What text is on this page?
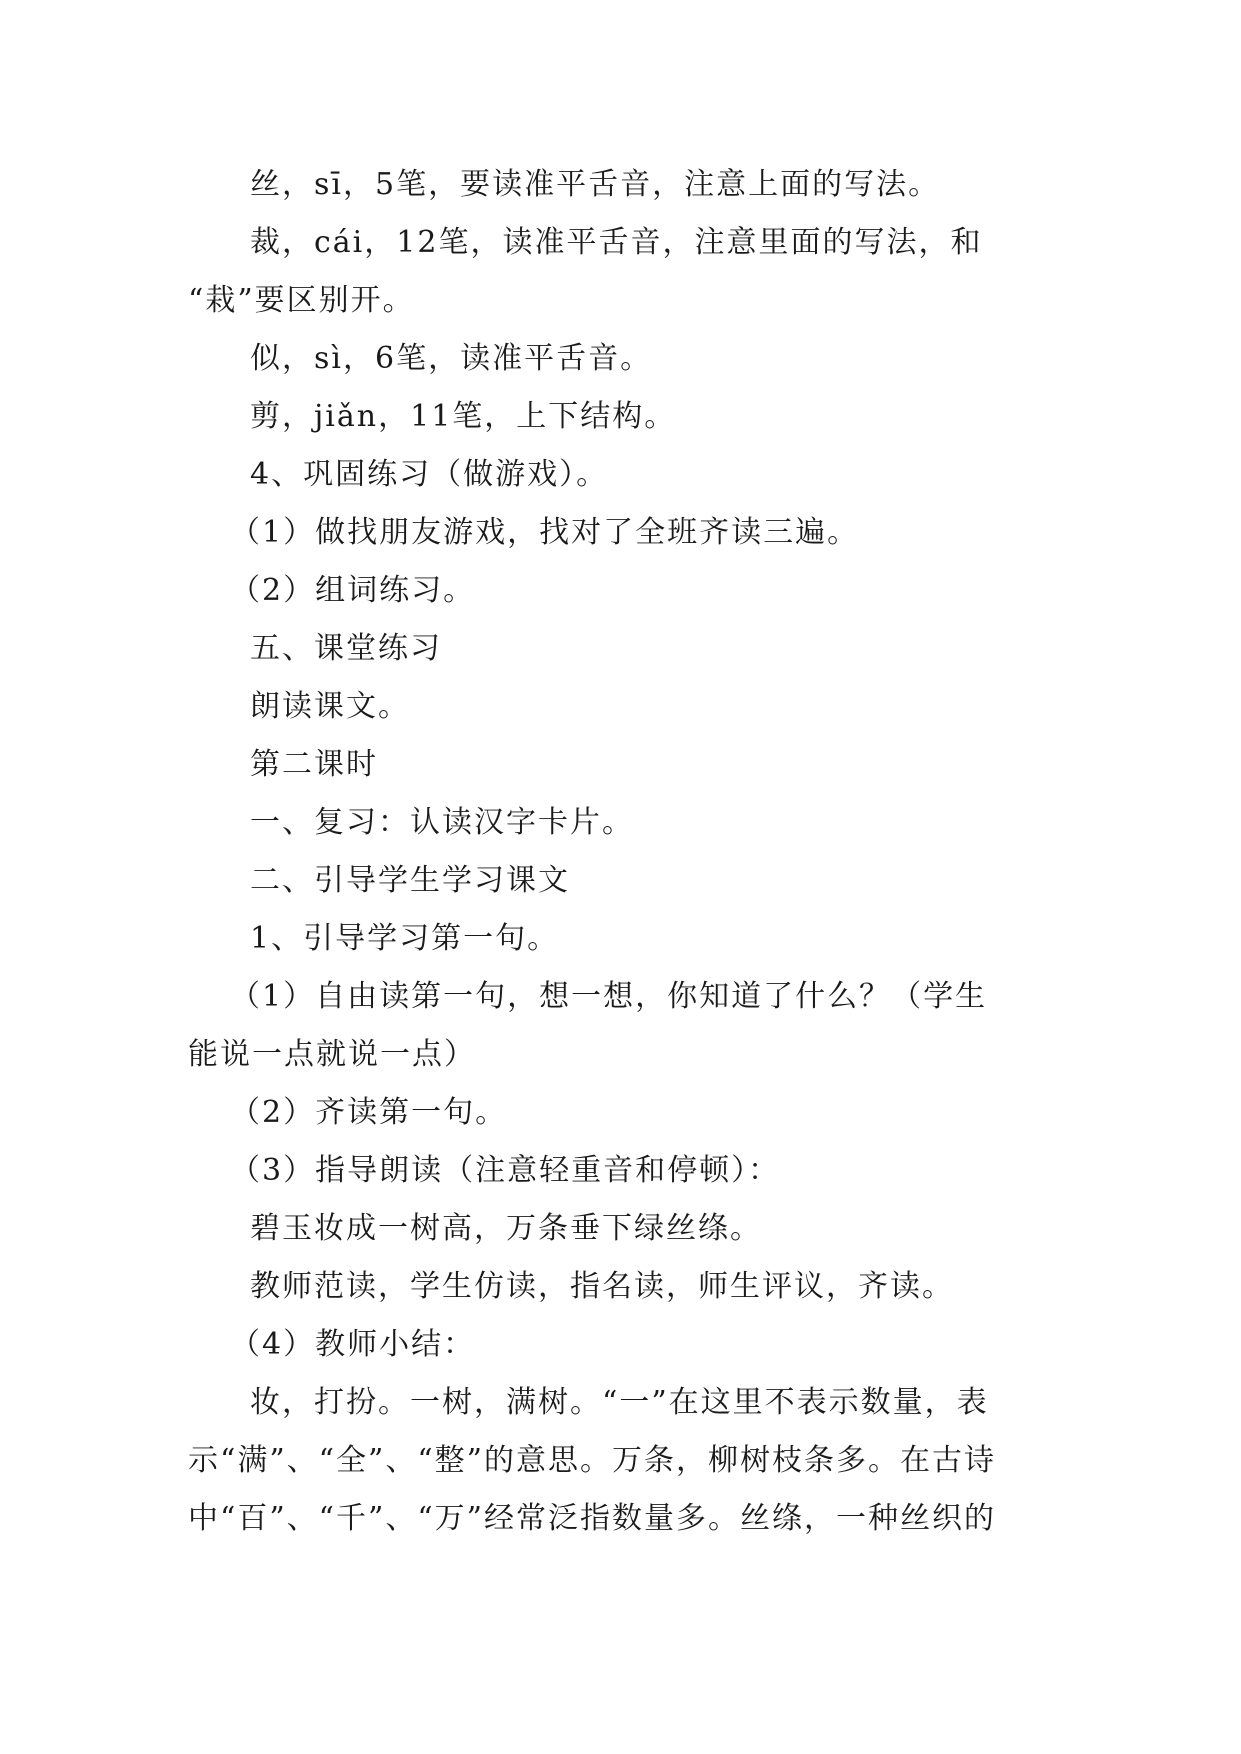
丝，sī，5笔，要读准平舌音，注意上面的写法。
裁，cái，12笔，读准平舌音，注意里面的写法，和
“栽”要区别开。
似，sì，6笔，读准平舌音。
剪，jiǎn，11笔，上下结构。
4、巩固练习（做游戏）。
（1）做找朋友游戏，找对了全班齐读三遍。
（2）组词练习。
五、课堂练习
朗读课文。
第二课时
一、复习：认读汉字卡片。
二、引导学生学习课文
1、引导学习第一句。
（1）自由读第一句，想一想，你知道了什么？（学生
能说一点就说一点）
（2）齐读第一句。
（3）指导朗读（注意轻重音和停顿）：
碧玉妆成一树高，万条垂下绿丝绦。
教师范读，学生仿读，指名读，师生评议，齐读。
（4）教师小结：
妆，打扮。一树，满树。“一”在这里不表示数量，表
示“满”、“全”、“整”的意思。万条，柳树枝条多。在古诗
中“百”、“千”、“万”经常泛指数量多。丝绦，一种丝织的
